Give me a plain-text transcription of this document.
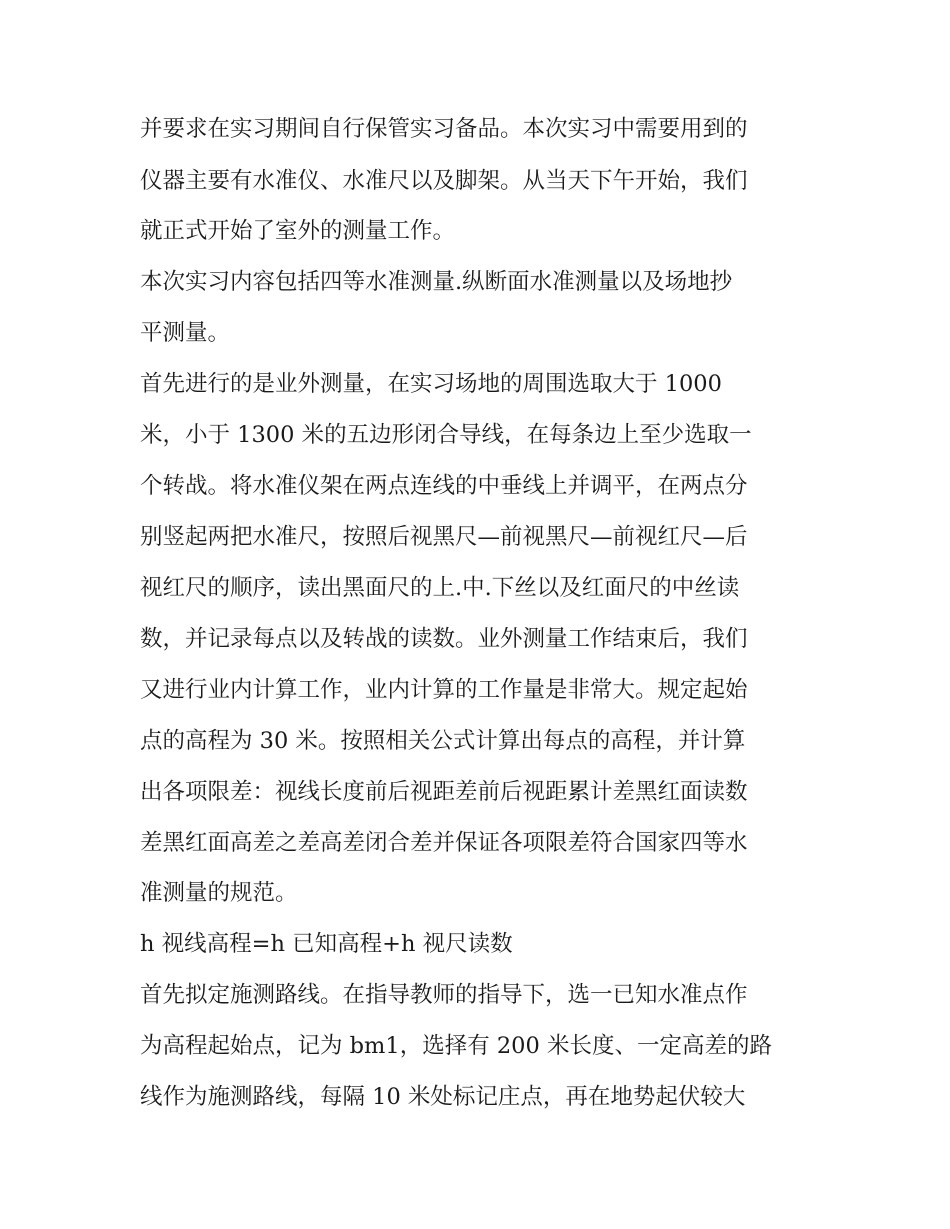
并要求在实习期间自行保管实习备品。本次实习中需要用到的
仪器主要有水准仪、水准尺以及脚架。从当天下午开始，我们
就正式开始了室外的测量工作。
本次实习内容包括四等水准测量.纵断面水准测量以及场地抄
平测量。
首先进行的是业外测量，在实习场地的周围选取大于 1000
米，小于 1300 米的五边形闭合导线，在每条边上至少选取一
个转战。将水准仪架在两点连线的中垂线上并调平，在两点分
别竖起两把水准尺，按照后视黑尺—前视黑尺—前视红尺—后
视红尺的顺序，读出黑面尺的上.中.下丝以及红面尺的中丝读
数，并记录每点以及转战的读数。业外测量工作结束后，我们
又进行业内计算工作，业内计算的工作量是非常大。规定起始
点的高程为 30 米。按照相关公式计算出每点的高程，并计算
出各项限差：视线长度前后视距差前后视距累计差黑红面读数
差黑红面高差之差高差闭合差并保证各项限差符合国家四等水
准测量的规范。
h 视线高程=h 已知高程+h 视尺读数
首先拟定施测路线。在指导教师的指导下，选一已知水准点作
为高程起始点，记为 bm1，选择有 200 米长度、一定高差的路
线作为施测路线，每隔 10 米处标记庄点，再在地势起伏较大
